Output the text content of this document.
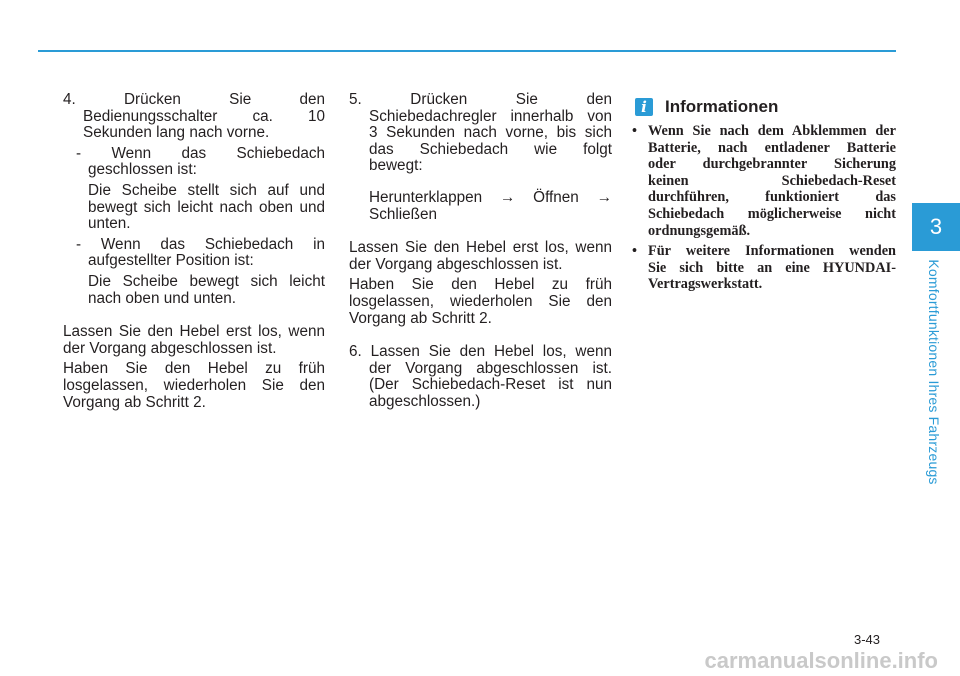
4. Drücken Sie den
Bedienungsschalter ca. 10
Sekunden lang nach vorne.
- Wenn das Schiebedach
geschlossen ist:
Die Scheibe stellt sich auf und
bewegt sich leicht nach oben und
unten.
- Wenn das Schiebedach in
aufgestellter Position ist:
Die Scheibe bewegt sich leicht
nach oben und unten.
Lassen Sie den Hebel erst los, wenn
der Vorgang abgeschlossen ist.
Haben Sie den Hebel zu früh
losgelassen, wiederholen Sie den
Vorgang ab Schritt 2.
5. Drücken Sie den
Schiebedachregler innerhalb von
3 Sekunden nach vorne, bis sich
das Schiebedach wie folgt
bewegt:
Herunterklappen → Öffnen →
Schließen
Lassen Sie den Hebel erst los, wenn
der Vorgang abgeschlossen ist.
Haben Sie den Hebel zu früh
losgelassen, wiederholen Sie den
Vorgang ab Schritt 2.
6. Lassen Sie den Hebel los, wenn
der Vorgang abgeschlossen ist.
(Der Schiebedach-Reset ist nun
abgeschlossen.)
i	Informationen
• Wenn Sie nach dem Abklemmen der
Batterie, nach entladener Batterie
oder durchgebrannter Sicherung
keinen Schiebedach-Reset
durchführen, funktioniert das
Schiebedach möglicherweise nicht
ordnungsgemäß.
• Für weitere Informationen wenden
Sie sich bitte an eine HYUNDAI-
Vertragswerkstatt.
3
Komfortfunktionen Ihres Fahrzeugs
3-43
carmanualsonline.info
